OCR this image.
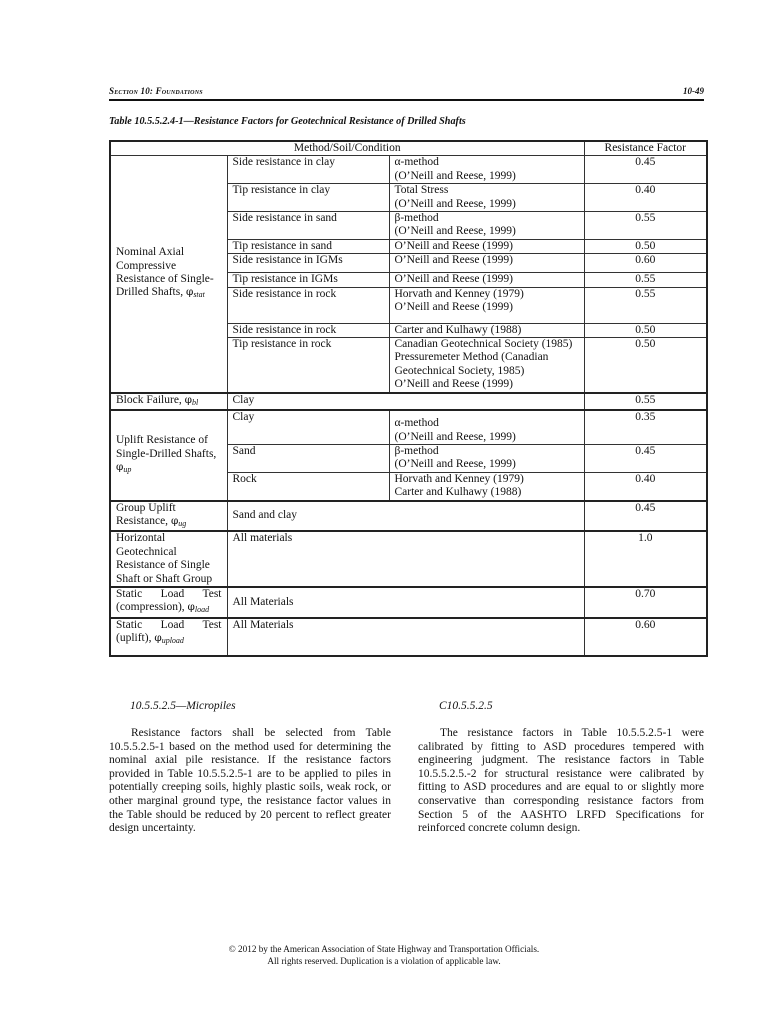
Section 10: Foundations	10-49
Table 10.5.5.2.4-1—Resistance Factors for Geotechnical Resistance of Drilled Shafts
Method/Soil/Condition			Resistance Factor
Nominal Axial Compressive Resistance of Single-Drilled Shafts, $\varphi_{stat}$	Side resistance in clay	α-method
(O’Neill and Reese, 1999)	0.45
	Tip resistance in clay	Total Stress
(O’Neill and Reese, 1999)	0.40
	Side resistance in sand	β-method
(O’Neill and Reese, 1999)	0.55
	Tip resistance in sand	O’Neill and Reese (1999)	0.50
	Side resistance in IGMs	O’Neill and Reese (1999)	0.60
	Tip resistance in IGMs	O’Neill and Reese (1999)	0.55
	Side resistance in rock	Horvath and Kenney (1979)
O’Neill and Reese (1999)	0.55
	Side resistance in rock	Carter and Kulhawy (1988)	0.50
	Tip resistance in rock	Canadian Geotechnical Society (1985)
Pressuremeter Method (Canadian Geotechnical Society, 1985)
O’Neill and Reese (1999)	0.50
Block Failure, $\varphi_{bl}$	Clay		0.55
Uplift Resistance of Single-Drilled Shafts, $\varphi_{up}$	Clay	α-method
(O’Neill and Reese, 1999)	0.35
	Sand	β-method
(O’Neill and Reese, 1999)	0.45
	Rock	Horvath and Kenney (1979)
Carter and Kulhawy (1988)	0.40
Group Uplift Resistance, $\varphi_{ug}$	Sand and clay		0.45
Horizontal Geotechnical Resistance of Single Shaft or Shaft Group	All materials		1.0
Static Load Test (compression), $\varphi_{load}$	All Materials		0.70
Static Load Test (uplift), $\varphi_{upload}$	All Materials		0.60

10.5.5.2.5—Micropiles

Resistance factors shall be selected from Table 10.5.5.2.5-1 based on the method used for determining the nominal axial pile resistance. If the resistance factors provided in Table 10.5.5.2.5-1 are to be applied to piles in potentially creeping soils, highly plastic soils, weak rock, or other marginal ground type, the resistance factor values in the Table should be reduced by 20 percent to reflect greater design uncertainty.

C10.5.5.2.5

The resistance factors in Table 10.5.5.2.5-1 were calibrated by fitting to ASD procedures tempered with engineering judgment. The resistance factors in Table 10.5.5.2.5.-2 for structural resistance were calibrated by fitting to ASD procedures and are equal to or slightly more conservative than corresponding resistance factors from Section 5 of the AASHTO LRFD Specifications for reinforced concrete column design.

© 2012 by the American Association of State Highway and Transportation Officials.
All rights reserved. Duplication is a violation of applicable law.
